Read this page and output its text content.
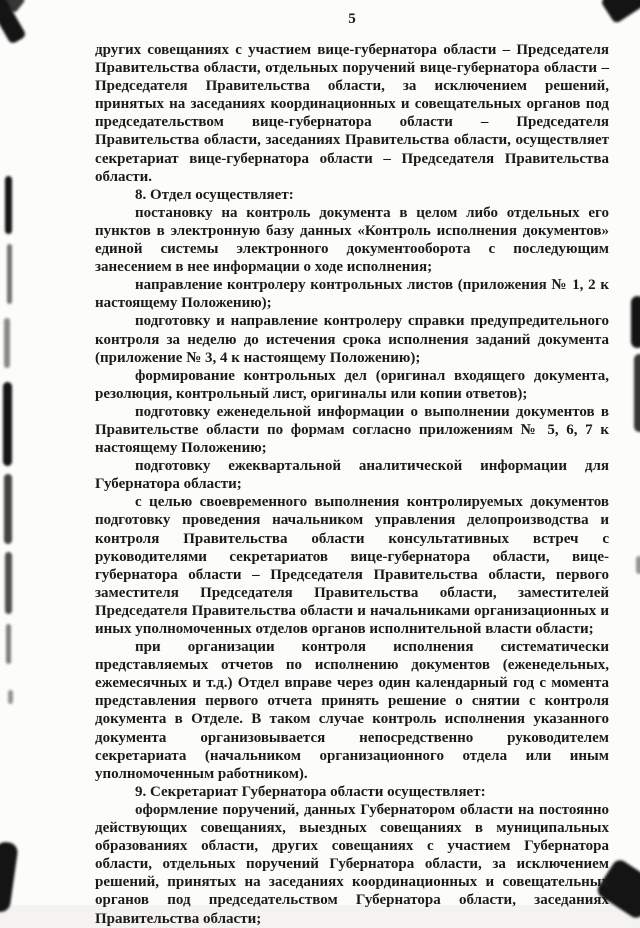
5

других совещаниях с участием вице-губернатора области – Председателя Правительства области, отдельных поручений вице-губернатора области – Председателя Правительства области, за исключением решений, принятых на заседаниях координационных и совещательных органов под председательством вице-губернатора области – Председателя Правительства области, заседаниях Правительства области, осуществляет секретариат вице-губернатора области – Председателя Правительства области.

8. Отдел осуществляет:

постановку на контроль документа в целом либо отдельных его пунктов в электронную базу данных «Контроль исполнения документов» единой системы электронного документооборота с последующим занесением в нее информации о ходе исполнения;

направление контролеру контрольных листов (приложения № 1, 2 к настоящему Положению);

подготовку и направление контролеру справки предупредительного контроля за неделю до истечения срока исполнения заданий документа (приложение № 3, 4 к настоящему Положению);

формирование контрольных дел (оригинал входящего документа, резолюция, контрольный лист, оригиналы или копии ответов);

подготовку еженедельной информации о выполнении документов в Правительстве области по формам согласно приложениям № 5, 6, 7 к настоящему Положению;

подготовку ежеквартальной аналитической информации для Губернатора области;

с целью своевременного выполнения контролируемых документов подготовку проведения начальником управления делопроизводства и контроля Правительства области консультативных встреч с руководителями секретариатов вице-губернатора области, вице-губернатора области – Председателя Правительства области, первого заместителя Председателя Правительства области, заместителей Председателя Правительства области и начальниками организационных и иных уполномоченных отделов органов исполнительной власти области;

при организации контроля исполнения систематически представляемых отчетов по исполнению документов (еженедельных, ежемесячных и т.д.) Отдел вправе через один календарный год с момента представления первого отчета принять решение о снятии с контроля документа в Отделе. В таком случае контроль исполнения указанного документа организовывается непосредственно руководителем секретариата (начальником организационного отдела или иным уполномоченным работником).

9. Секретариат Губернатора области осуществляет:

оформление поручений, данных Губернатором области на постоянно действующих совещаниях, выездных совещаниях в муниципальных образованиях области, других совещаниях с участием Губернатора области, отдельных поручений Губернатора области, за исключением решений, принятых на заседаниях координационных и совещательных органов под председательством Губернатора области, заседаниях Правительства области;
